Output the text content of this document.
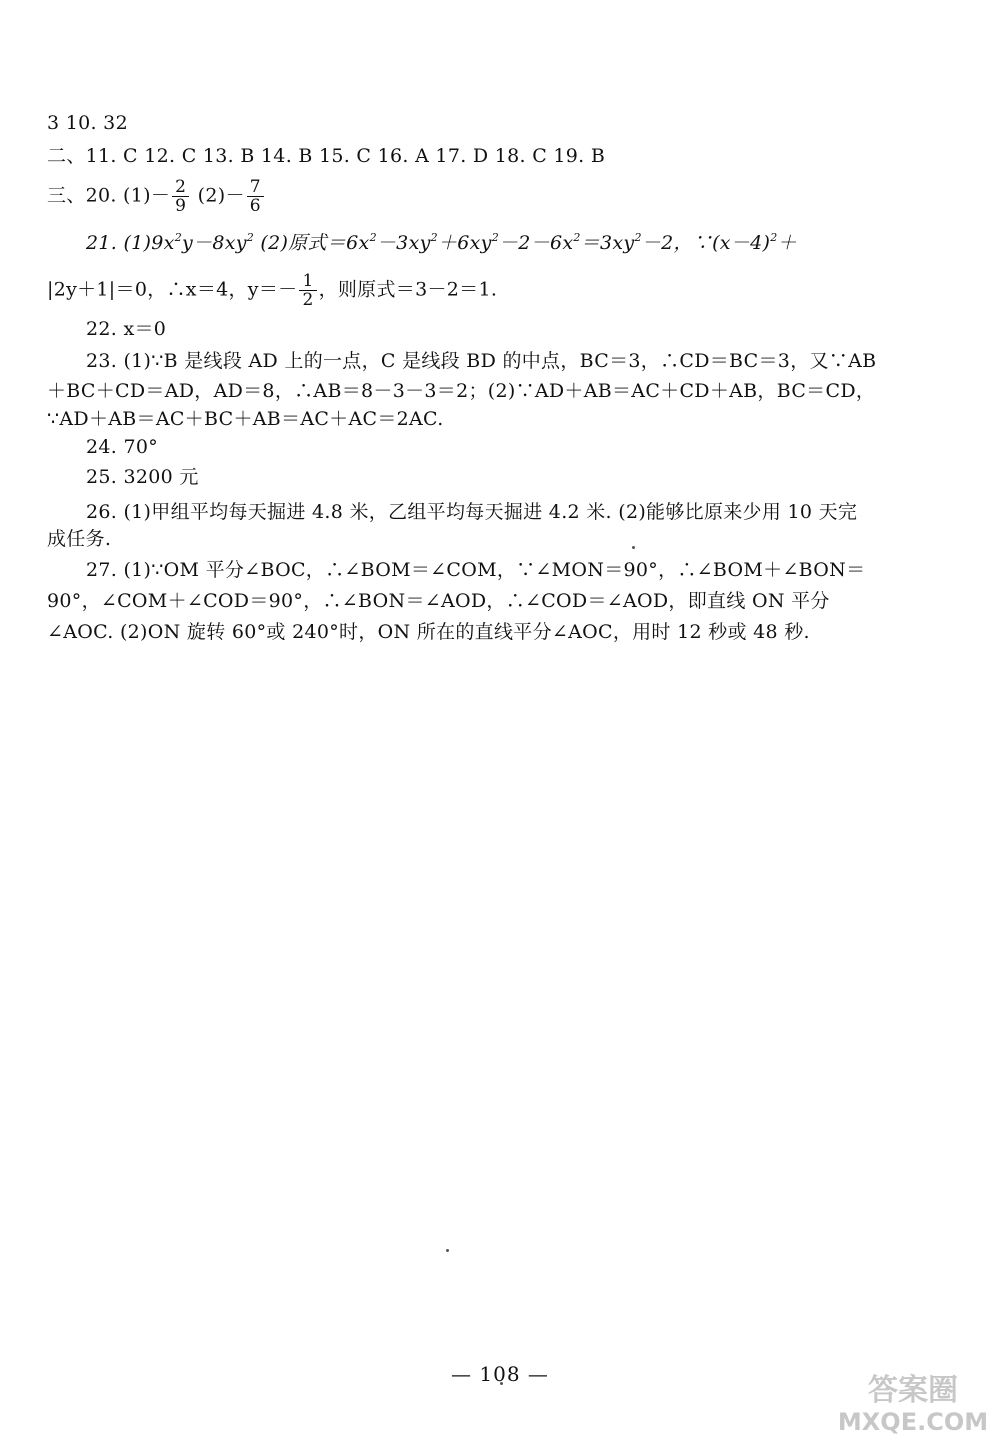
3 10. 32
二、11. C 12. C 13. B 14. B 15. C 16. A 17. D 18. C 19. B
三、20. $(1)- \frac{2}{9} (2)- \frac{7}{6}$
21. $(1)9x^2y-8xy^2$ (2)原式$=6x^2-3xy^2+6xy^2-2-6x^2=3xy^2-2$，$\because(x-4)^2+$
|2y＋1|＝0，∴x＝4，$y=- \frac{1}{2}$ ，则原式＝3－2＝1.
22. x＝0
23. (1)∵B 是线段 AD 上的一点，C 是线段 BD 的中点，BC＝3，∴CD＝BC＝3，又∵AB
＋BC＋CD＝AD，AD＝8，∴AB＝8－3－3＝2；(2)∵AD＋AB＝AC＋CD＋AB，BC＝CD，
∵AD＋AB＝AC＋BC＋AB＝AC＋AC＝2AC.
24. 70°
25. 3200 元
26. (1)甲组平均每天掘进 4.8 米，乙组平均每天掘进 4.2 米. (2)能够比原来少用 10 天完
成任务.
27. (1)∵OM 平分∠BOC，∴∠BOM＝∠COM，∵∠MON＝90°，∴∠BOM＋∠BON＝
90°，∠COM＋∠COD＝90°，∴∠BON＝∠AOD，∴∠COD＝∠AOD，即直线 ON 平分
∠AOC. (2)ON 旋转 60°或 240°时，ON 所在的直线平分∠AOC，用时 12 秒或 48 秒.
— 108 —	答案圈
MXQE.COM
